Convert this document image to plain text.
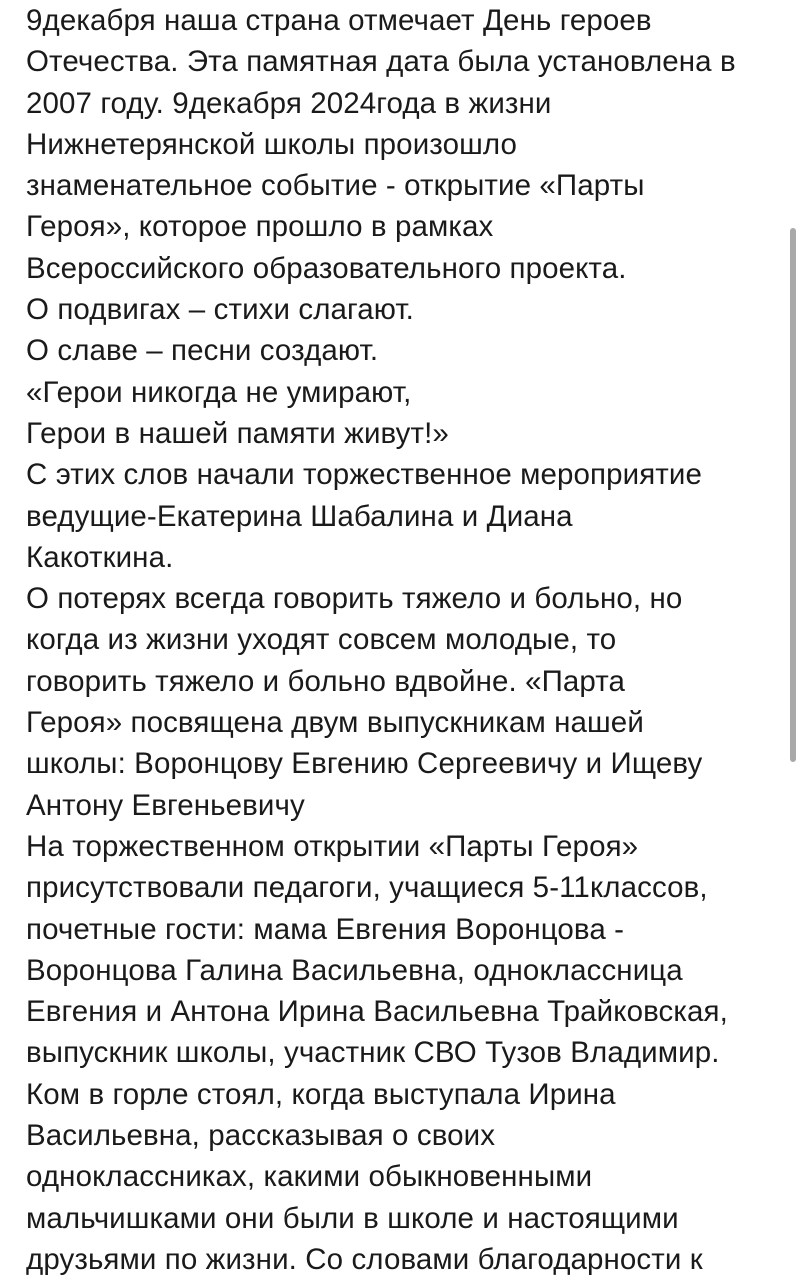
9декабря наша страна отмечает День героев
Отечества. Эта памятная дата была установлена в
2007 году. 9декабря 2024года в жизни
Нижнетерянской школы произошло
знаменательное событие - открытие «Парты
Героя», которое прошло в рамках
Всероссийского образовательного проекта.
О подвигах – стихи слагают.
О славе – песни создают.
«Герои никогда не умирают,
Герои в нашей памяти живут!»
С этих слов начали торжественное мероприятие
ведущие-Екатерина Шабалина и Диана
Какоткина.
О потерях всегда говорить тяжело и больно, но
когда из жизни уходят совсем молодые, то
говорить тяжело и больно вдвойне. «Парта
Героя» посвящена двум выпускникам нашей
школы: Воронцову Евгению Сергеевичу и Ищеву
Антону Евгеньевичу
На торжественном открытии «Парты Героя»
присутствовали педагоги, учащиеся 5-11классов,
почетные гости: мама Евгения Воронцова -
Воронцова Галина Васильевна, одноклассница
Евгения и Антона Ирина Васильевна Трайковская,
выпускник школы, участник СВО Тузов Владимир.
Ком в горле стоял, когда выступала Ирина
Васильевна, рассказывая о своих
одноклассниках, какими обыкновенными
мальчишками они были в школе и настоящими
друзьями по жизни. Со словами благодарности к
